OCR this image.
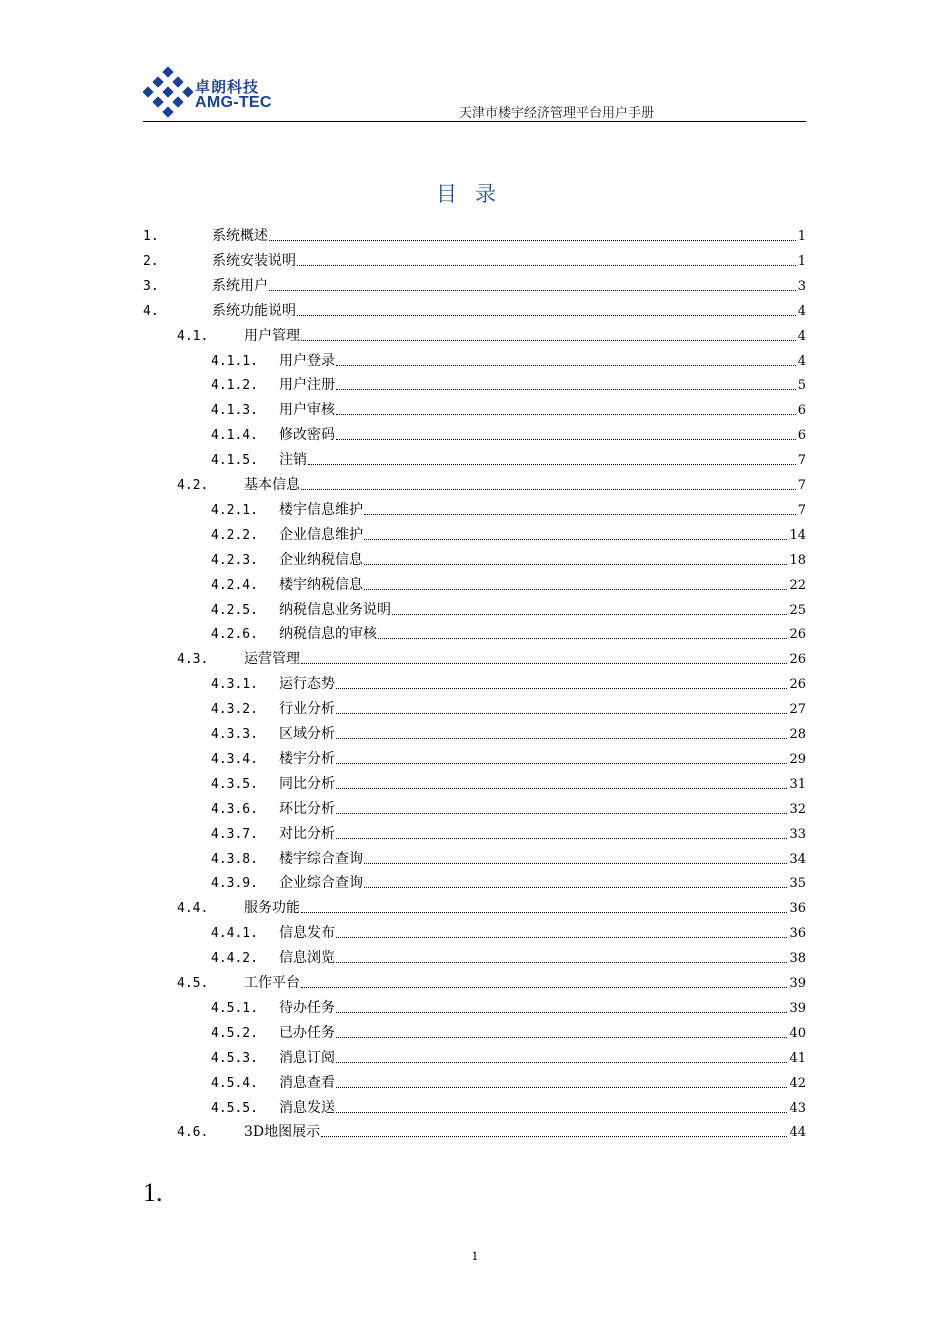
卓朗科技
AMG-TEC
天津市楼宇经济管理平台用户手册
目录
1.	系统概述	1
2.	系统安装说明	1
3.	系统用户	3
4.	系统功能说明	4
4.1.	用户管理	4
4.1.1.	用户登录	4
4.1.2.	用户注册	5
4.1.3.	用户审核	6
4.1.4.	修改密码	6
4.1.5.	注销	7
4.2.	基本信息	7
4.2.1.	楼宇信息维护	7
4.2.2.	企业信息维护	14
4.2.3.	企业纳税信息	18
4.2.4.	楼宇纳税信息	22
4.2.5.	纳税信息业务说明	25
4.2.6.	纳税信息的审核	26
4.3.	运营管理	26
4.3.1.	运行态势	26
4.3.2.	行业分析	27
4.3.3.	区域分析	28
4.3.4.	楼宇分析	29
4.3.5.	同比分析	31
4.3.6.	环比分析	32
4.3.7.	对比分析	33
4.3.8.	楼宇综合查询	34
4.3.9.	企业综合查询	35
4.4.	服务功能	36
4.4.1.	信息发布	36
4.4.2.	信息浏览	38
4.5.	工作平台	39
4.5.1.	待办任务	39
4.5.2.	已办任务	40
4.5.3.	消息订阅	41
4.5.4.	消息查看	42
4.5.5.	消息发送	43
4.6.	3D地图展示	44
1.
1
